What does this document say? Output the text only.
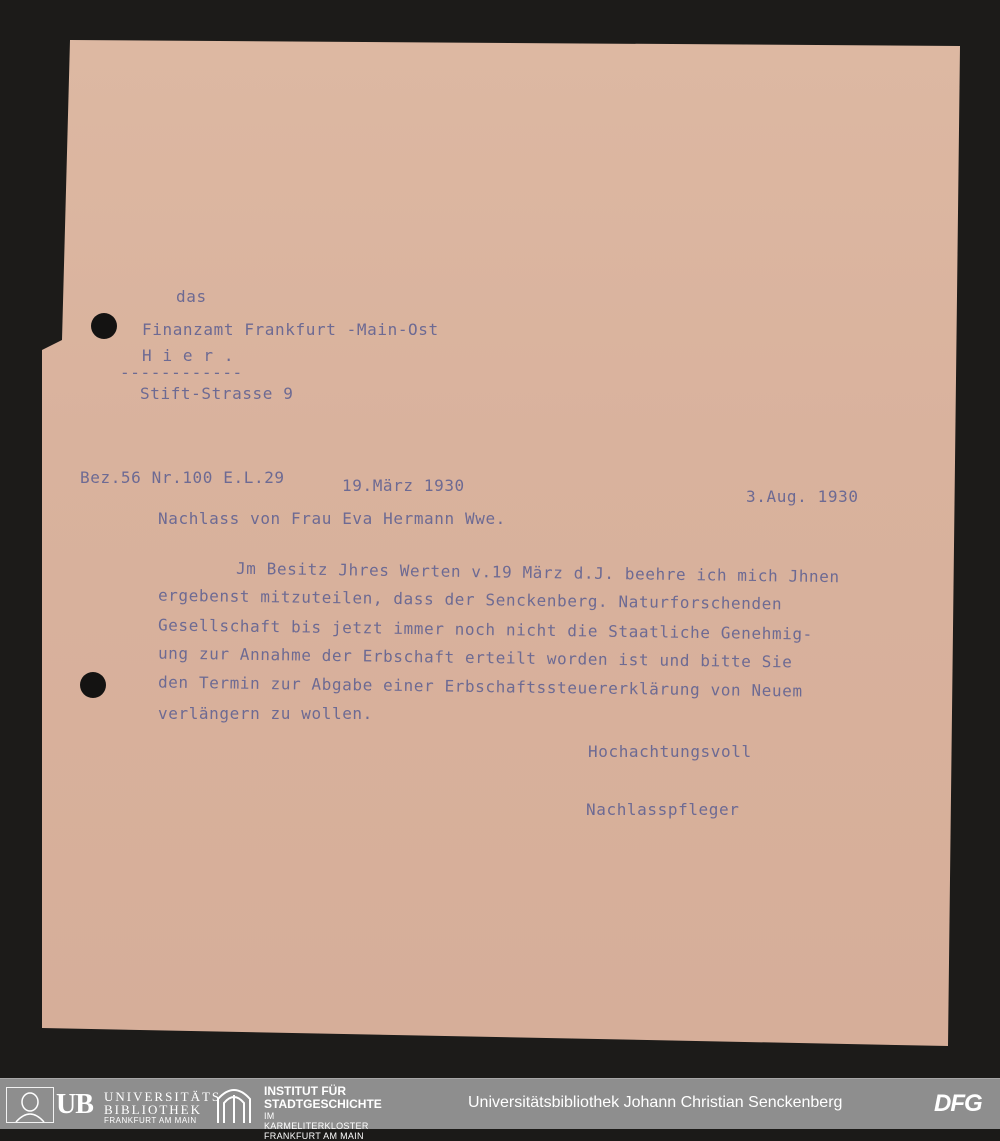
das
Finanzamt Frankfurt -Main-Ost
H i e r .
------------
Stift-Strasse 9
Bez.56 Nr.100 E.L.29	19.März 1930
3.Aug. 1930
Nachlass von Frau Eva Hermann Wwe.
Jm Besitz Jhres Werten v.19 März d.J. beehre ich mich Jhnen
ergebenst mitzuteilen, dass der Senckenberg. Naturforschenden
Gesellschaft bis jetzt immer noch nicht die Staatliche Genehmig-
ung zur Annahme der Erbschaft erteilt worden ist und bitte Sie
den Termin zur Abgabe einer Erbschaftssteuererklärung von Neuem
verlängern zu wollen.
Hochachtungsvoll
Nachlasspfleger
UB UNIVERSITÄTS
BIBLIOTHEK
FRANKFURT AM MAIN
INSTITUT FÜR
STADTGESCHICHTE
IM KARMELITERKLOSTER
FRANKFURT AM MAIN
Universitätsbibliothek Johann Christian Senckenberg	DFG
